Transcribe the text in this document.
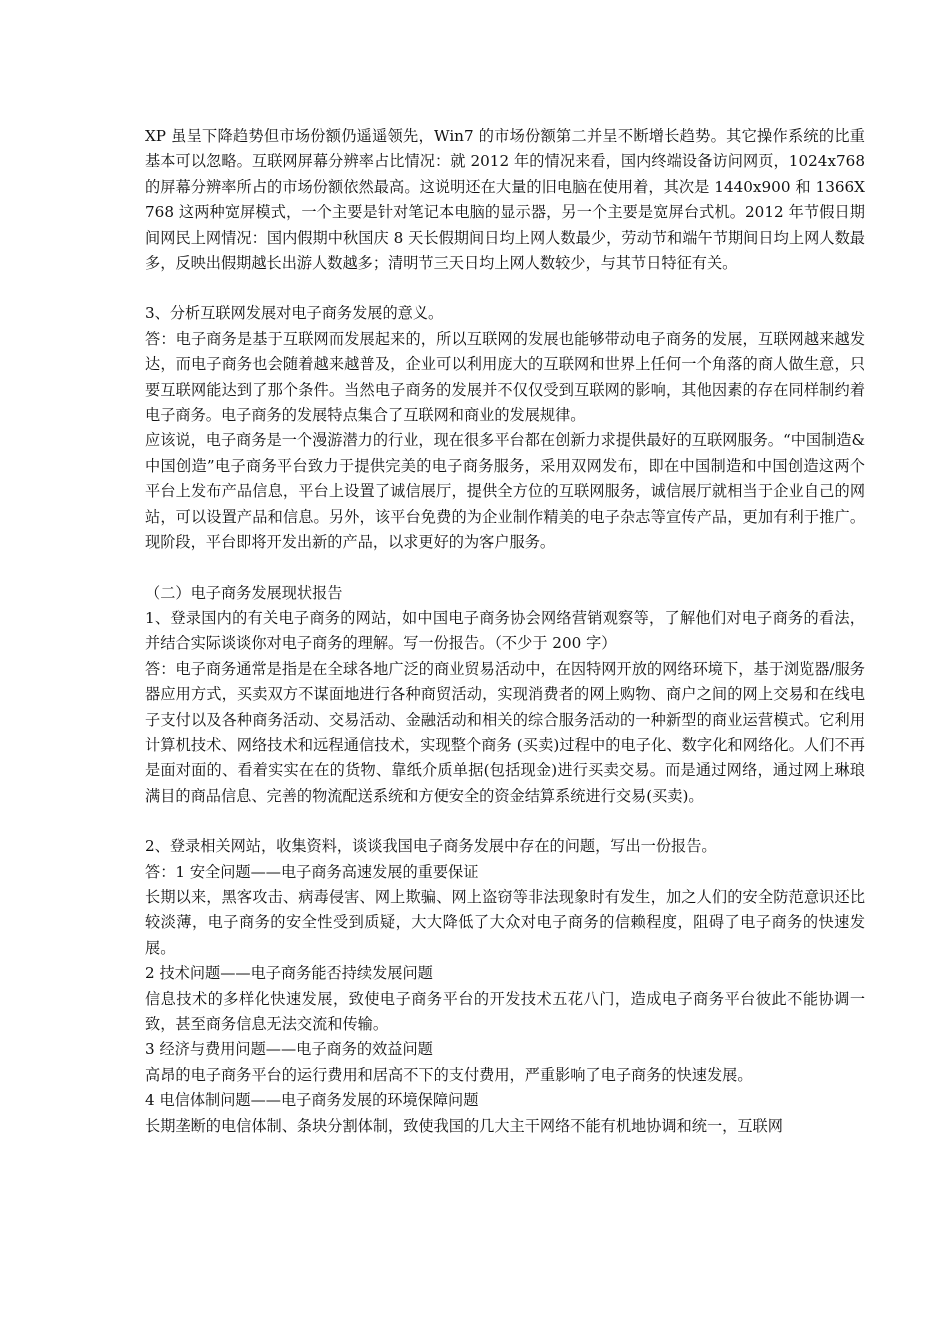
XP 虽呈下降趋势但市场份额仍遥遥领先，Win7 的市场份额第二并呈不断增长趋势。其它操作系统的比重基本可以忽略。互联网屏幕分辨率占比情况：就 2012 年的情况来看，国内终端设备访问网页，1024x768 的屏幕分辨率所占的市场份额依然最高。这说明还在大量的旧电脑在使用着，其次是 1440x900 和 1366X768 这两种宽屏模式，一个主要是针对笔记本电脑的显示器，另一个主要是宽屏台式机。2012 年节假日期间网民上网情况：国内假期中秋国庆 8 天长假期间日均上网人数最少，劳动节和端午节期间日均上网人数最多，反映出假期越长出游人数越多；清明节三天日均上网人数较少，与其节日特征有关。

3、分析互联网发展对电子商务发展的意义。

答：电子商务是基于互联网而发展起来的，所以互联网的发展也能够带动电子商务的发展，互联网越来越发达，而电子商务也会随着越来越普及，企业可以利用庞大的互联网和世界上任何一个角落的商人做生意，只要互联网能达到了那个条件。当然电子商务的发展并不仅仅受到互联网的影响，其他因素的存在同样制约着电子商务。电子商务的发展特点集合了互联网和商业的发展规律。

应该说，电子商务是一个漫游潜力的行业，现在很多平台都在创新力求提供最好的互联网服务。“中国制造&中国创造”电子商务平台致力于提供完美的电子商务服务，采用双网发布，即在中国制造和中国创造这两个平台上发布产品信息，平台上设置了诚信展厅，提供全方位的互联网服务，诚信展厅就相当于企业自己的网站，可以设置产品和信息。另外，该平台免费的为企业制作精美的电子杂志等宣传产品，更加有利于推广。现阶段，平台即将开发出新的产品，以求更好的为客户服务。

（二）电子商务发展现状报告

1、登录国内的有关电子商务的网站，如中国电子商务协会网络营销观察等，了解他们对电子商务的看法，并结合实际谈谈你对电子商务的理解。写一份报告。（不少于 200 字）

答：电子商务通常是指是在全球各地广泛的商业贸易活动中，在因特网开放的网络环境下，基于浏览器/服务器应用方式，买卖双方不谋面地进行各种商贸活动，实现消费者的网上购物、商户之间的网上交易和在线电子支付以及各种商务活动、交易活动、金融活动和相关的综合服务活动的一种新型的商业运营模式。它利用计算机技术、网络技术和远程通信技术，实现整个商务 (买卖)过程中的电子化、数字化和网络化。人们不再是面对面的、看着实实在在的货物、靠纸介质单据(包括现金)进行买卖交易。而是通过网络，通过网上琳琅满目的商品信息、完善的物流配送系统和方便安全的资金结算系统进行交易(买卖)。

2、登录相关网站，收集资料，谈谈我国电子商务发展中存在的问题，写出一份报告。

答：1 安全问题——电子商务高速发展的重要保证

长期以来，黑客攻击、病毒侵害、网上欺骗、网上盗窃等非法现象时有发生，加之人们的安全防范意识还比较淡薄，电子商务的安全性受到质疑，大大降低了大众对电子商务的信赖程度，阻碍了电子商务的快速发展。

2 技术问题——电子商务能否持续发展问题

信息技术的多样化快速发展，致使电子商务平台的开发技术五花八门，造成电子商务平台彼此不能协调一致，甚至商务信息无法交流和传输。

3 经济与费用问题——电子商务的效益问题

高昂的电子商务平台的运行费用和居高不下的支付费用，严重影响了电子商务的快速发展。

4 电信体制问题——电子商务发展的环境保障问题

长期垄断的电信体制、条块分割体制，致使我国的几大主干网络不能有机地协调和统一，互联网
